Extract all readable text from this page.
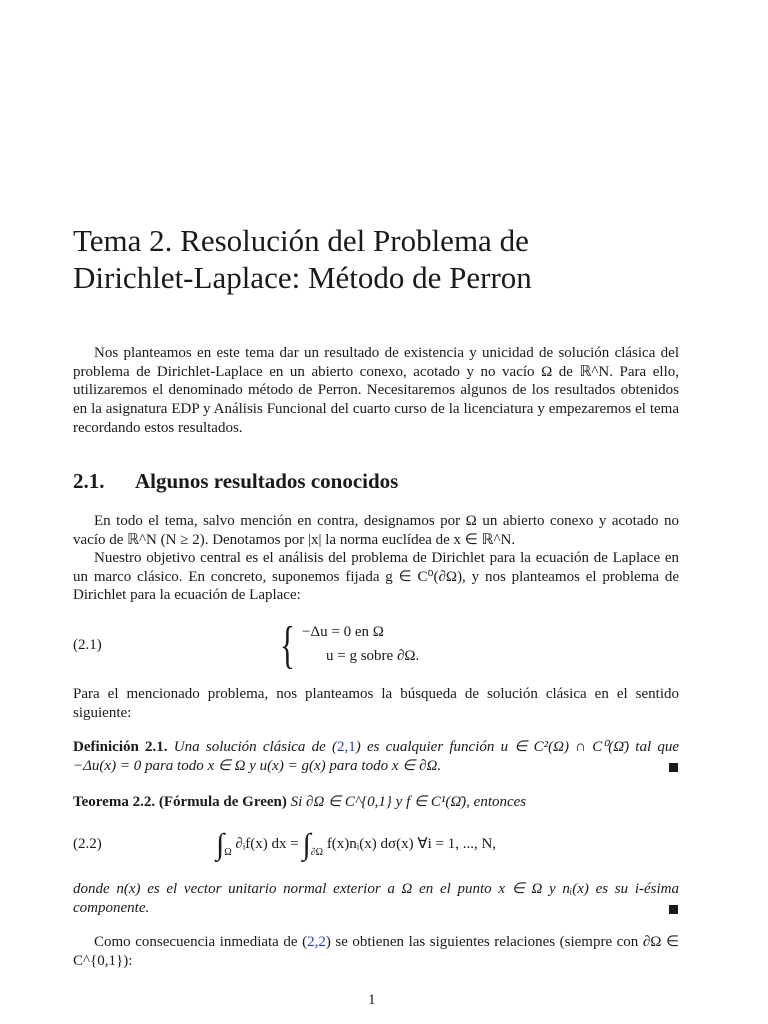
Tema 2. Resolución del Problema de
Dirichlet-Laplace: Método de Perron

Nos planteamos en este tema dar un resultado de existencia y unicidad de solución clásica del problema de Dirichlet-Laplace en un abierto conexo, acotado y no vacío Ω de ℝ^N. Para ello, utilizaremos el denominado método de Perron. Necesitaremos algunos de los resultados obtenidos en la asignatura EDP y Análisis Funcional del cuarto curso de la licenciatura y empezaremos el tema recordando estos resultados.

2.1. Algunos resultados conocidos

En todo el tema, salvo mención en contra, designamos por Ω un abierto conexo y acotado no vacío de ℝ^N (N ≥ 2). Denotamos por |x| la norma euclídea de x ∈ ℝ^N.

Nuestro objetivo central es el análisis del problema de Dirichlet para la ecuación de Laplace en un marco clásico. En concreto, suponemos fijada g ∈ C⁰(∂Ω), y nos planteamos el problema de Dirichlet para la ecuación de Laplace:

(2.1)	{ −Δu = 0 en Ω
u = g sobre ∂Ω.

Para el mencionado problema, nos planteamos la búsqueda de solución clásica en el sentido siguiente:

Definición 2.1. Una solución clásica de (2,1) es cualquier función u ∈ C²(Ω) ∩ C⁰(Ω̄) tal que −Δu(x) = 0 para todo x ∈ Ω y u(x) = g(x) para todo x ∈ ∂Ω.

Teorema 2.2. (Fórmula de Green) Si ∂Ω ∈ C^{0,1} y f ∈ C¹(Ω̄), entonces

(2.2)	$\int_\Omega$ ∂ᵢf(x) dx = $\int_{\partial\Omega}$ f(x)nᵢ(x) dσ(x) ∀i = 1, ..., N,

donde n(x) es el vector unitario normal exterior a Ω en el punto x ∈ Ω y nᵢ(x) es su i-ésima componente.

Como consecuencia inmediata de (2,2) se obtienen las siguientes relaciones (siempre con ∂Ω ∈ C^{0,1}):

1
